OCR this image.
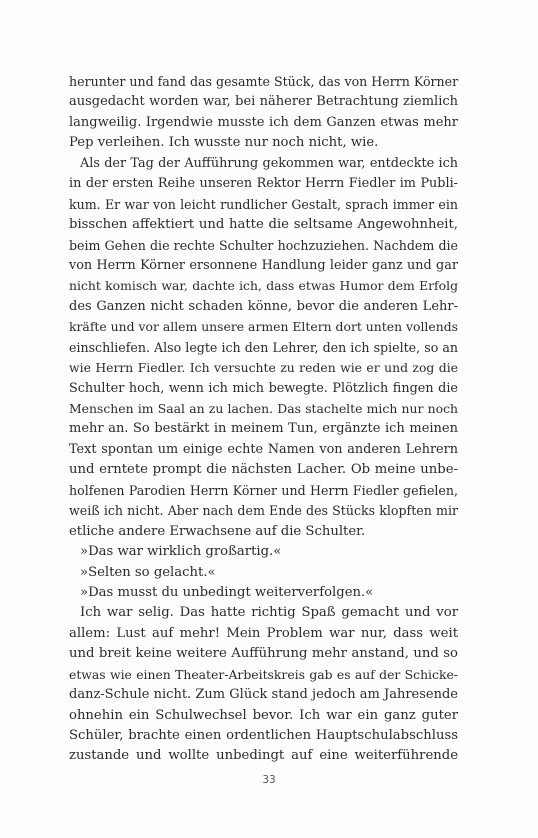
herunter und fand das gesamte Stück, das von Herrn Körner
ausgedacht worden war, bei näherer Betrachtung ziemlich
langweilig. Irgendwie musste ich dem Ganzen etwas mehr
Pep verleihen. Ich wusste nur noch nicht, wie.
Als der Tag der Aufführung gekommen war, entdeckte ich
in der ersten Reihe unseren Rektor Herrn Fiedler im Publi-
kum. Er war von leicht rundlicher Gestalt, sprach immer ein
bisschen affektiert und hatte die seltsame Angewohnheit,
beim Gehen die rechte Schulter hochzuziehen. Nachdem die
von Herrn Körner ersonnene Handlung leider ganz und gar
nicht komisch war, dachte ich, dass etwas Humor dem Erfolg
des Ganzen nicht schaden könne, bevor die anderen Lehr-
kräfte und vor allem unsere armen Eltern dort unten vollends
einschliefen. Also legte ich den Lehrer, den ich spielte, so an
wie Herrn Fiedler. Ich versuchte zu reden wie er und zog die
Schulter hoch, wenn ich mich bewegte. Plötzlich fingen die
Menschen im Saal an zu lachen. Das stachelte mich nur noch
mehr an. So bestärkt in meinem Tun, ergänzte ich meinen
Text spontan um einige echte Namen von anderen Lehrern
und erntete prompt die nächsten Lacher. Ob meine unbe-
holfenen Parodien Herrn Körner und Herrn Fiedler gefielen,
weiß ich nicht. Aber nach dem Ende des Stücks klopften mir
etliche andere Erwachsene auf die Schulter.
»Das war wirklich großartig.«
»Selten so gelacht.«
»Das musst du unbedingt weiterverfolgen.«
Ich war selig. Das hatte richtig Spaß gemacht und vor
allem: Lust auf mehr! Mein Problem war nur, dass weit
und breit keine weitere Aufführung mehr anstand, und so
etwas wie einen Theater-Arbeitskreis gab es auf der Schicke-
danz-Schule nicht. Zum Glück stand jedoch am Jahresende
ohnehin ein Schulwechsel bevor. Ich war ein ganz guter
Schüler, brachte einen ordentlichen Hauptschulabschluss
zustande und wollte unbedingt auf eine weiterführende
33
